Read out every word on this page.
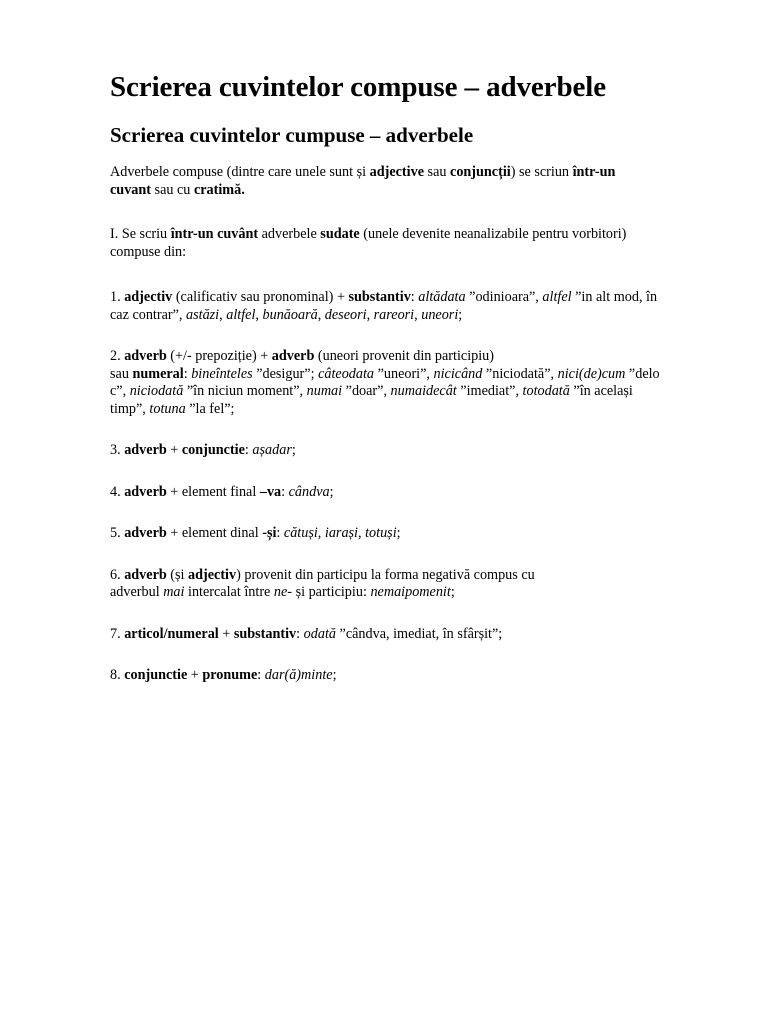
Scrierea cuvintelor compuse – adverbele
Scrierea cuvintelor cumpuse – adverbele

Adverbele compuse (dintre care unele sunt și adjective sau conjuncții) se scriun într-un
cuvant sau cu cratimă.

I. Se scriu într-un cuvânt adverbele sudate (unele devenite neanalizabile pentru vorbitori)
compuse din:

1. adjectiv (calificativ sau pronominal) + substantiv: altădata ”odinioara”, altfel ”in alt mod, în
caz contrar”, astăzi, altfel, bunăoară, deseori, rareori, uneori;

2. adverb (+/- prepoziție) + adverb (uneori provenit din participiu)
sau numeral: bineînteles ”desigur”; câteodata ”uneori”, nicicând ”niciodată”, nici(de)cum ”delo
c”, niciodată ”în niciun moment”, numai ”doar”, numaidecât ”imediat”, totodată ”în același
timp”, totuna ”la fel”;

3. adverb + conjunctie: așadar;

4. adverb + element final –va: cândva;

5. adverb + element dinal -și: cătuși, iarași, totuși;

6. adverb (și adjectiv) provenit din participu la forma negativă compus cu
adverbul mai intercalat între ne- și participiu: nemaipomenit;

7. articol/numeral + substantiv: odată ”cândva, imediat, în sfârșit”;

8. conjunctie + pronume: dar(ă)minte;
